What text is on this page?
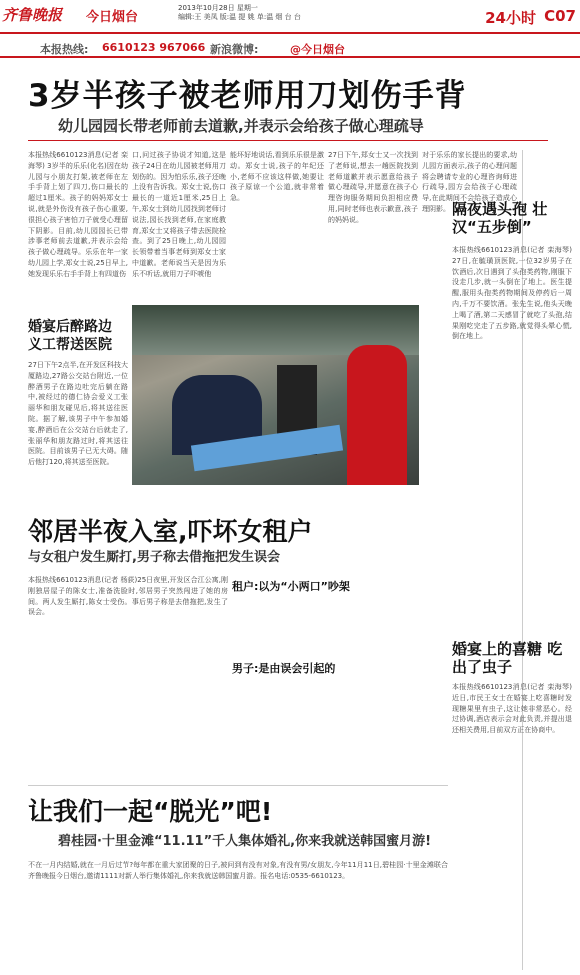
齐鲁晚报 今日烟台
2013年10月28日 星期一
编辑:王 美凤 版:温 提 姚 单:温 烟 台 台	24小时 C07
本报热线: 6610123 967066 新浪微博:	@今日烟台
3岁半孩子被老师用刀划伤手背
幼儿园园长带老师前去道歉,并表示会给孩子做心理疏导
本报热线6610123消息(记者 栾海琴) 3岁半的乐乐(化名)因在幼儿园与小朋友打架,被老师在左手手背上划了四刀,伤口最长的超过1厘米。孩子的妈妈郑女士说,就是外伤没有孩子伤心重要,很担心孩子害怕刀子就受心理留下阴影。目前,幼儿园园长已带涉事老师前去道歉,并表示会给孩子做心理疏导。乐乐在年一家幼儿园上学,郑女士说,25日早上,她发现乐乐右手手背上有四道伤
口,问过孩子协说才知道,这是孩子24日在幼儿园被老师用刀划伤的。因为怕乐乐,孩子还晚上没有告诉我。郑女士说,伤口最长的一道近1厘米,25日上午,郑女士到幼儿园找到老师讨说法,园长找到老师,在家庭教育,郑女士又将孩子带去医院检查。到了25日晚上,幼儿园园长领带着当事老师到郑女士家中道歉。老师说当天是因为乐乐不听话,就用刀子吓唬他
能坏好地说话,看到乐乐很是激动。郑女士说,孩子的年纪还小,老师不应该这样做,她要让孩子原谅一个公道,就非常着急。
27日下午,郑女士又一次找到了老师说,想去一趟医院找到老师道歉并表示愿意给孩子做心理疏导,并愿意在孩子心理咨询服务期间负担相应费用,同时老师也表示歉意,孩子的妈妈说。
对于乐乐的家长提出的要求,幼儿园方面表示,孩子的心理问题将会聘请专业的心理咨询师进行疏导,园方会给孩子心理疏导,在此期间不会给孩子造成心理阴影。
婚宴后醉路边 义工帮送医院
27日下午2点半,在开发区科技大厦路边,27路公交站台附近,一位醉酒男子在路边吐完后躺在路中,被经过的德仁协会爱义工张丽华和朋友碰见后,将其送往医院。据了解,该男子中午参加婚宴,醉酒后在公交站台后就走了,张丽华和朋友路过时,将其送往医院。目前该男子已无大碍。随后他打120,将其送至医院。
隔夜遇头孢 壮汉“五步倒”
本报热线6610123消息(记者 栾海琴) 27日,在毓璜顶医院,一位32岁男子在饮酒后,次日遇到了头孢类药物,刚服下没走几步,就一头倒在了地上。医生提醒,服用头孢类药物期间及停药后一周内,千万不要饮酒。张先生说,他头天晚上喝了酒,第二天感冒了就吃了头孢,结果刚吃完走了五步路,就觉得头晕心慌,倒在地上。
婚宴上的喜糖 吃出了虫子
本报热线6610123消息(记者 栾海琴) 近日,市民王女士在婚宴上吃喜糖时发现糖果里有虫子,这让她非常恶心。经过协调,酒店表示会对此负责,并提出退还相关费用,目前双方正在协商中。
邻居半夜入室,吓坏女租户
与女租户发生厮打,男子称去借拖把发生误会
本报热线6610123消息(记者 杨荻)25日夜里,开发区合江公寓,刚刚独居屋子的陈女士,准备洗脸时,邻居男子突然闯进了她的房间。两人发生厮打,陈女士受伤。事后男子称是去借拖把,发生了误会。
租户:以为“小两口”吵架
男子:是由误会引起的
让我们一起“脱光”吧!
碧桂园·十里金滩“11.11”千人集体婚礼,你来我就送韩国蜜月游!
不在一月内结婚,就在一月后过节?每年都在重大家团聚的日子,被问到有没有对象,有没有男/女朋友,今年11月11日,碧桂园·十里金滩联合齐鲁晚报今日烟台,邀请1111对新人举行集体婚礼,你来我就送韩国蜜月游。报名电话:0535-6610123。
